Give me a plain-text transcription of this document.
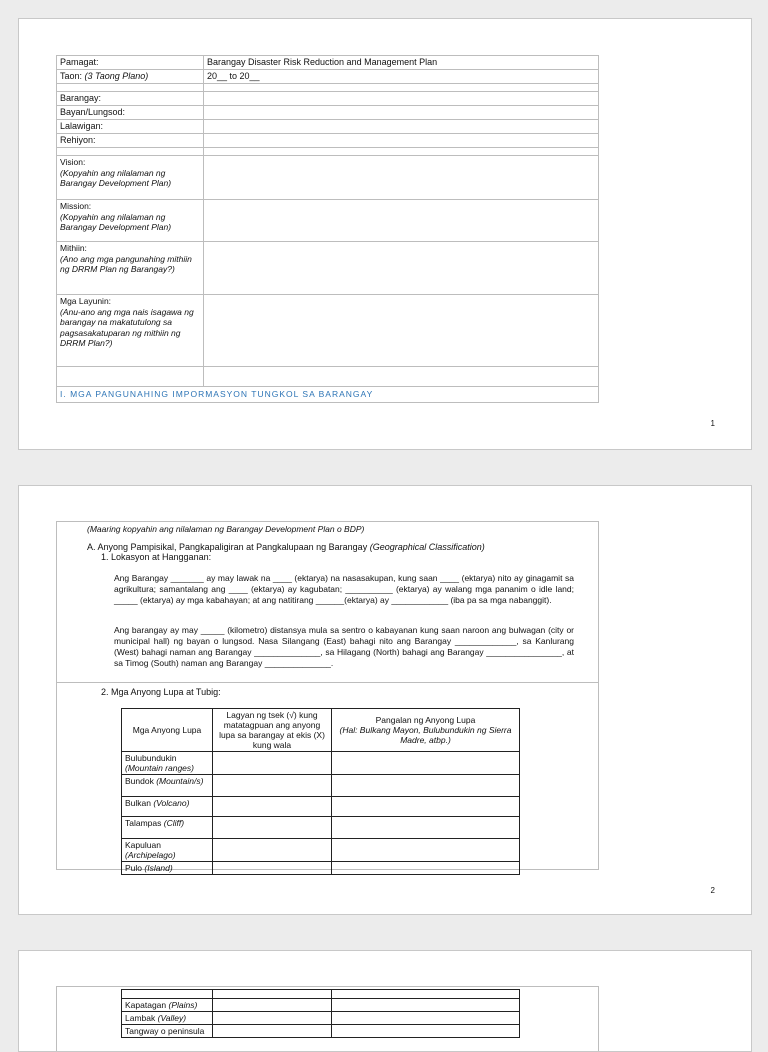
Pamagat:	Barangay Disaster Risk Reduction and Management Plan
Taon: (3 Taong Plano)	20__ to 20__

Barangay:	
Bayan/Lungsod:	
Lalawigan:	
Rehiyon:	

Vision:
(Kopyahin ang nilalaman ng Barangay Development Plan)	
Mission:
(Kopyahin ang nilalaman ng Barangay Development Plan)	
Mithiin:
(Ano ang mga pangunahing mithiin ng DRRM Plan ng Barangay?)	
Mga Layunin:
(Anu-ano ang mga nais isagawa ng barangay na makatutulong sa pagsasakatuparan ng mithiin ng DRRM Plan?)	

I. MGA PANGUNAHING IMPORMASYON TUNGKOL SA BARANGAY	
1
(Maaring kopyahin ang nilalaman ng Barangay Development Plan o BDP)
A. Anyong Pampisikal, Pangkapaligiran at Pangkalupaan ng Barangay (Geographical Classification)
1. Lokasyon at Hangganan:
Ang Barangay _______ ay may lawak na ____ (ektarya) na nasasakupan, kung saan ____ (ektarya) nito ay ginagamit sa agrikultura; samantalang ang ____ (ektarya) ay kagubatan; __________ (ektarya) ay walang mga pananim o idle land; _____ (ektarya) ay mga kabahayan; at ang natitirang ______(ektarya) ay ____________ (iba pa sa mga nabanggit).
Ang barangay ay may _____ (kilometro) distansya mula sa sentro o kabayanan kung saan naroon ang bulwagan (city or municipal hall) ng bayan o lungsod. Nasa Silangang (East) bahagi nito ang Barangay _____________, sa Kanlurang (West) bahagi naman ang Barangay ______________, sa Hilagang (North) bahagi ang Barangay ________________, at sa Timog (South) naman ang Barangay ______________.
2. Mga Anyong Lupa at Tubig:
Mga Anyong Lupa	Lagyan ng tsek (√) kung matatagpuan ang anyong lupa sa barangay at ekis (X) kung wala	Pangalan ng Anyong Lupa
(Hal: Bulkang Mayon, Bulubundukin ng Sierra Madre, atbp.)
Bulubundukin (Mountain ranges)		
Bundok (Mountain/s)		
Bulkan (Volcano)		
Talampas (Cliff)		
Kapuluan (Archipelago)		
Pulo (Island)		
2

Kapatagan (Plains)		
Lambak (Valley)		
Tangway o peninsula		
